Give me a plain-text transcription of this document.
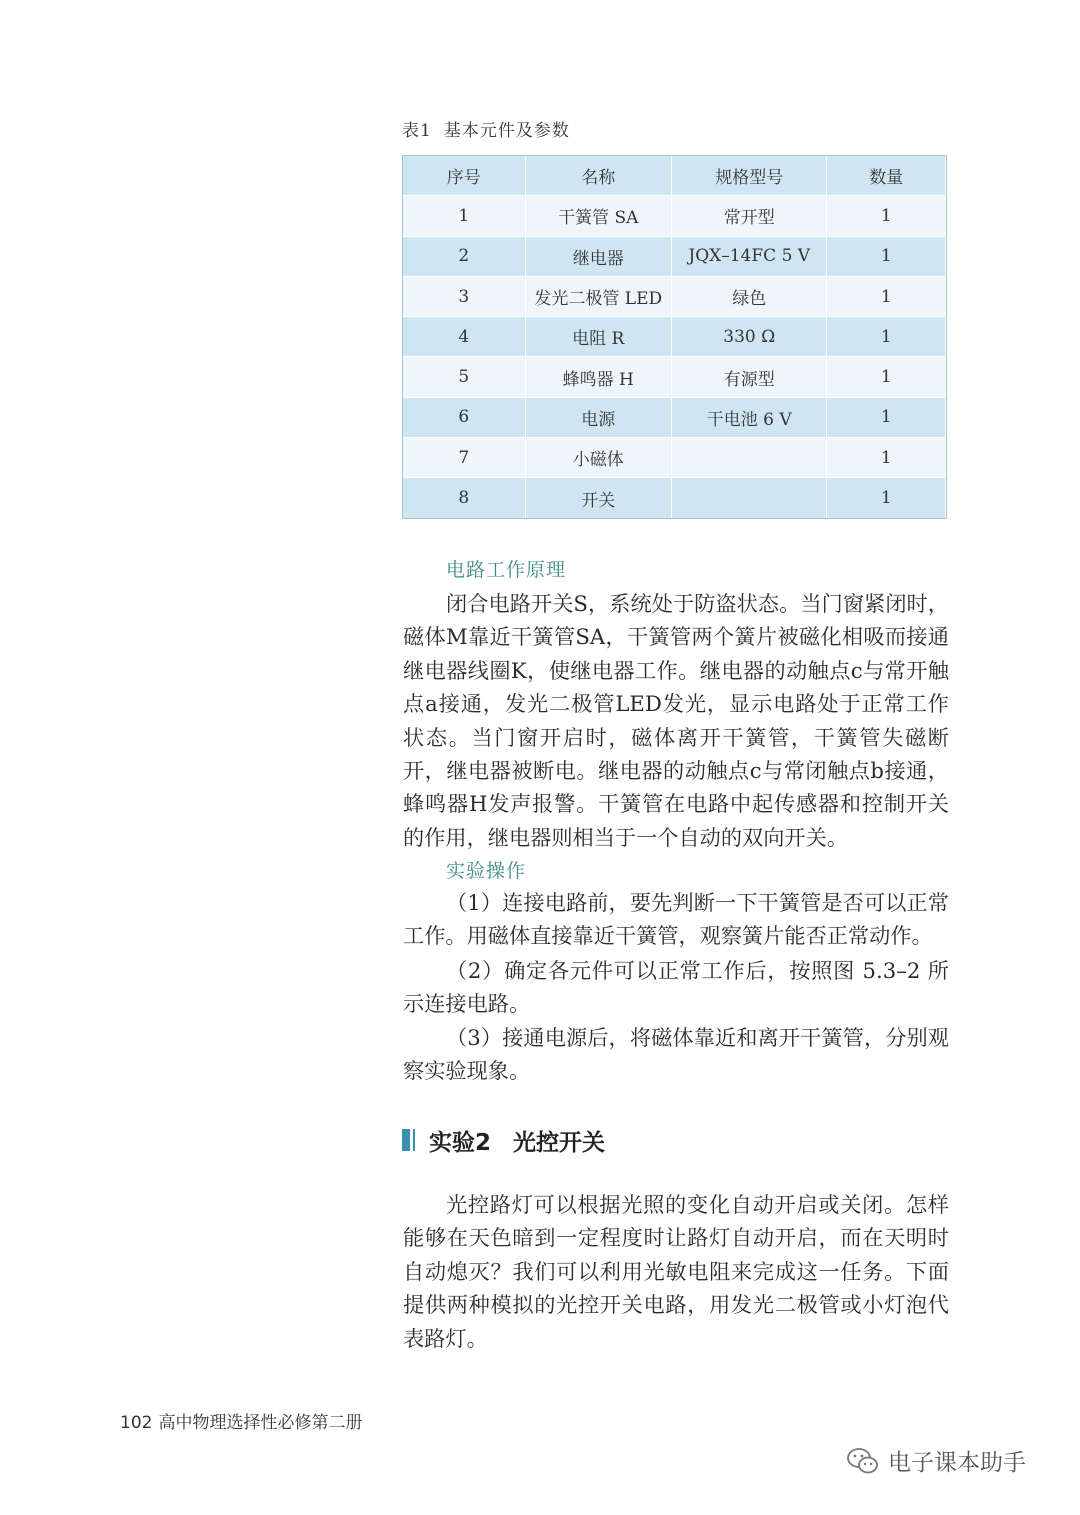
表1 基本元件及参数
序号	名称	规格型号	数量
1	干簧管 SA	常开型	1
2	继电器	JQX–14FC 5 V	1
3	发光二极管 LED	绿色	1
4	电阻 R	330 Ω	1
5	蜂鸣器 H	有源型	1
6	电源	干电池 6 V	1
7	小磁体		1
8	开关		1
电路工作原理

闭合电路开关S，系统处于防盗状态。当门窗紧闭时，磁体M靠近干簧管SA，干簧管两个簧片被磁化相吸而接通继电器线圈K，使继电器工作。继电器的动触点c与常开触点a接通，发光二极管LED发光，显示电路处于正常工作状态。当门窗开启时，磁体离开干簧管，干簧管失磁断开，继电器被断电。继电器的动触点c与常闭触点b接通，蜂鸣器H发声报警。干簧管在电路中起传感器和控制开关的作用，继电器则相当于一个自动的双向开关。

实验操作

（1）连接电路前，要先判断一下干簧管是否可以正常工作。用磁体直接靠近干簧管，观察簧片能否正常动作。

（2）确定各元件可以正常工作后，按照图 5.3–2 所示连接电路。

（3）接通电源后，将磁体靠近和离开干簧管，分别观察实验现象。

实验2 光控开关

光控路灯可以根据光照的变化自动开启或关闭。怎样能够在天色暗到一定程度时让路灯自动开启，而在天明时自动熄灭？我们可以利用光敏电阻来完成这一任务。下面提供两种模拟的光控开关电路，用发光二极管或小灯泡代表路灯。

102 高中物理选择性必修第二册
电子课本助手
